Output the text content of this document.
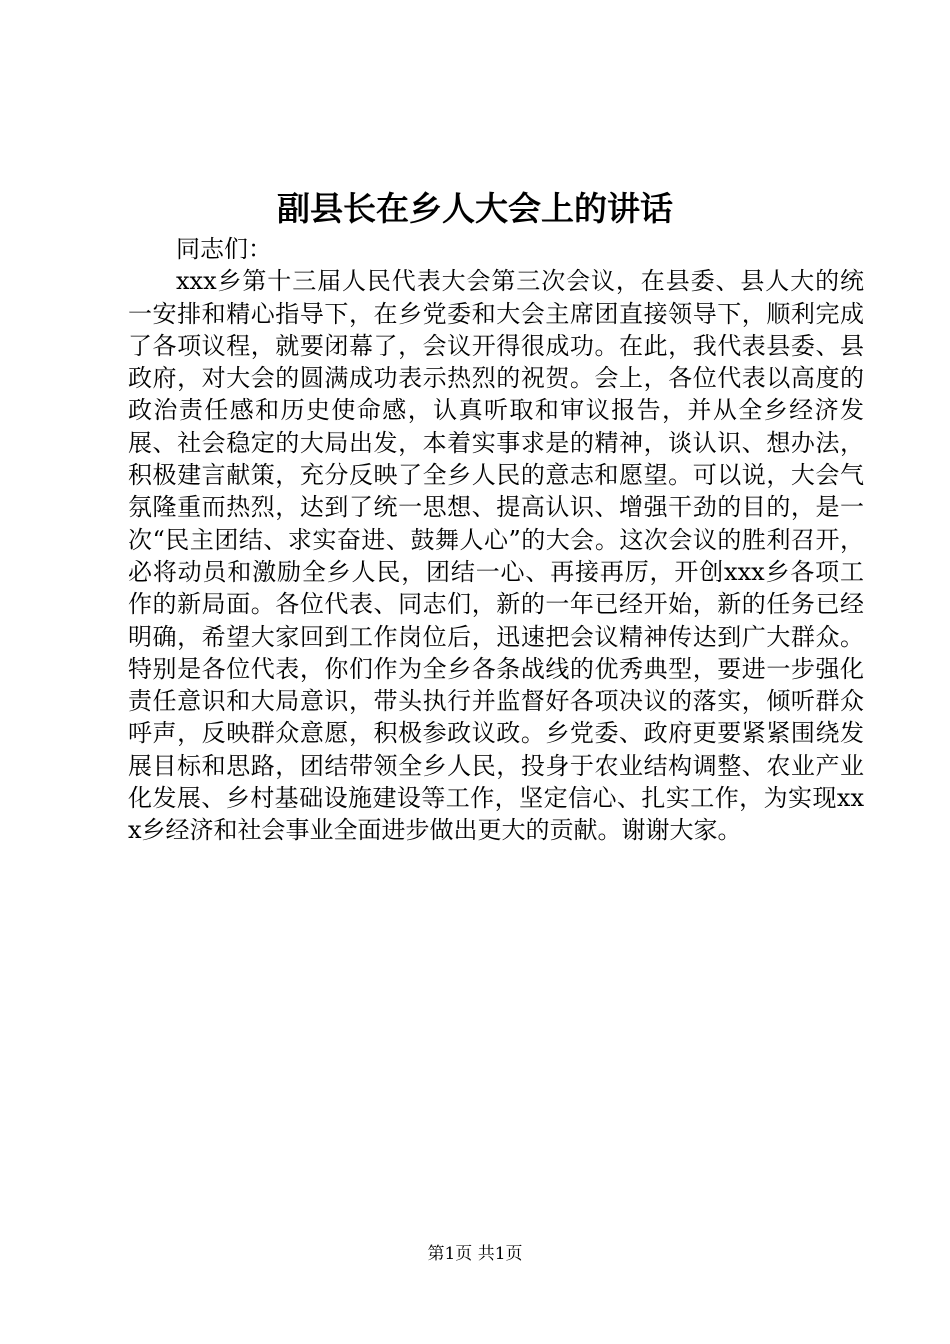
副县长在乡人大会上的讲话

同志们：

xxx乡第十三届人民代表大会第三次会议，在县委、县人大的统一安排和精心指导下，在乡党委和大会主席团直接领导下，顺利完成了各项议程，就要闭幕了，会议开得很成功。在此，我代表县委、县政府，对大会的圆满成功表示热烈的祝贺。会上，各位代表以高度的政治责任感和历史使命感，认真听取和审议报告，并从全乡经济发展、社会稳定的大局出发，本着实事求是的精神，谈认识、想办法，积极建言献策，充分反映了全乡人民的意志和愿望。可以说，大会气氛隆重而热烈，达到了统一思想、提高认识、增强干劲的目的，是一次“民主团结、求实奋进、鼓舞人心”的大会。这次会议的胜利召开，必将动员和激励全乡人民，团结一心、再接再厉，开创xxx乡各项工作的新局面。各位代表、同志们，新的一年已经开始，新的任务已经明确，希望大家回到工作岗位后，迅速把会议精神传达到广大群众。特别是各位代表，你们作为全乡各条战线的优秀典型，要进一步强化责任意识和大局意识，带头执行并监督好各项决议的落实，倾听群众呼声，反映群众意愿，积极参政议政。乡党委、政府更要紧紧围绕发展目标和思路，团结带领全乡人民，投身于农业结构调整、农业产业化发展、乡村基础设施建设等工作，坚定信心、扎实工作，为实现xxx乡经济和社会事业全面进步做出更大的贡献。谢谢大家。

第1页 共1页
